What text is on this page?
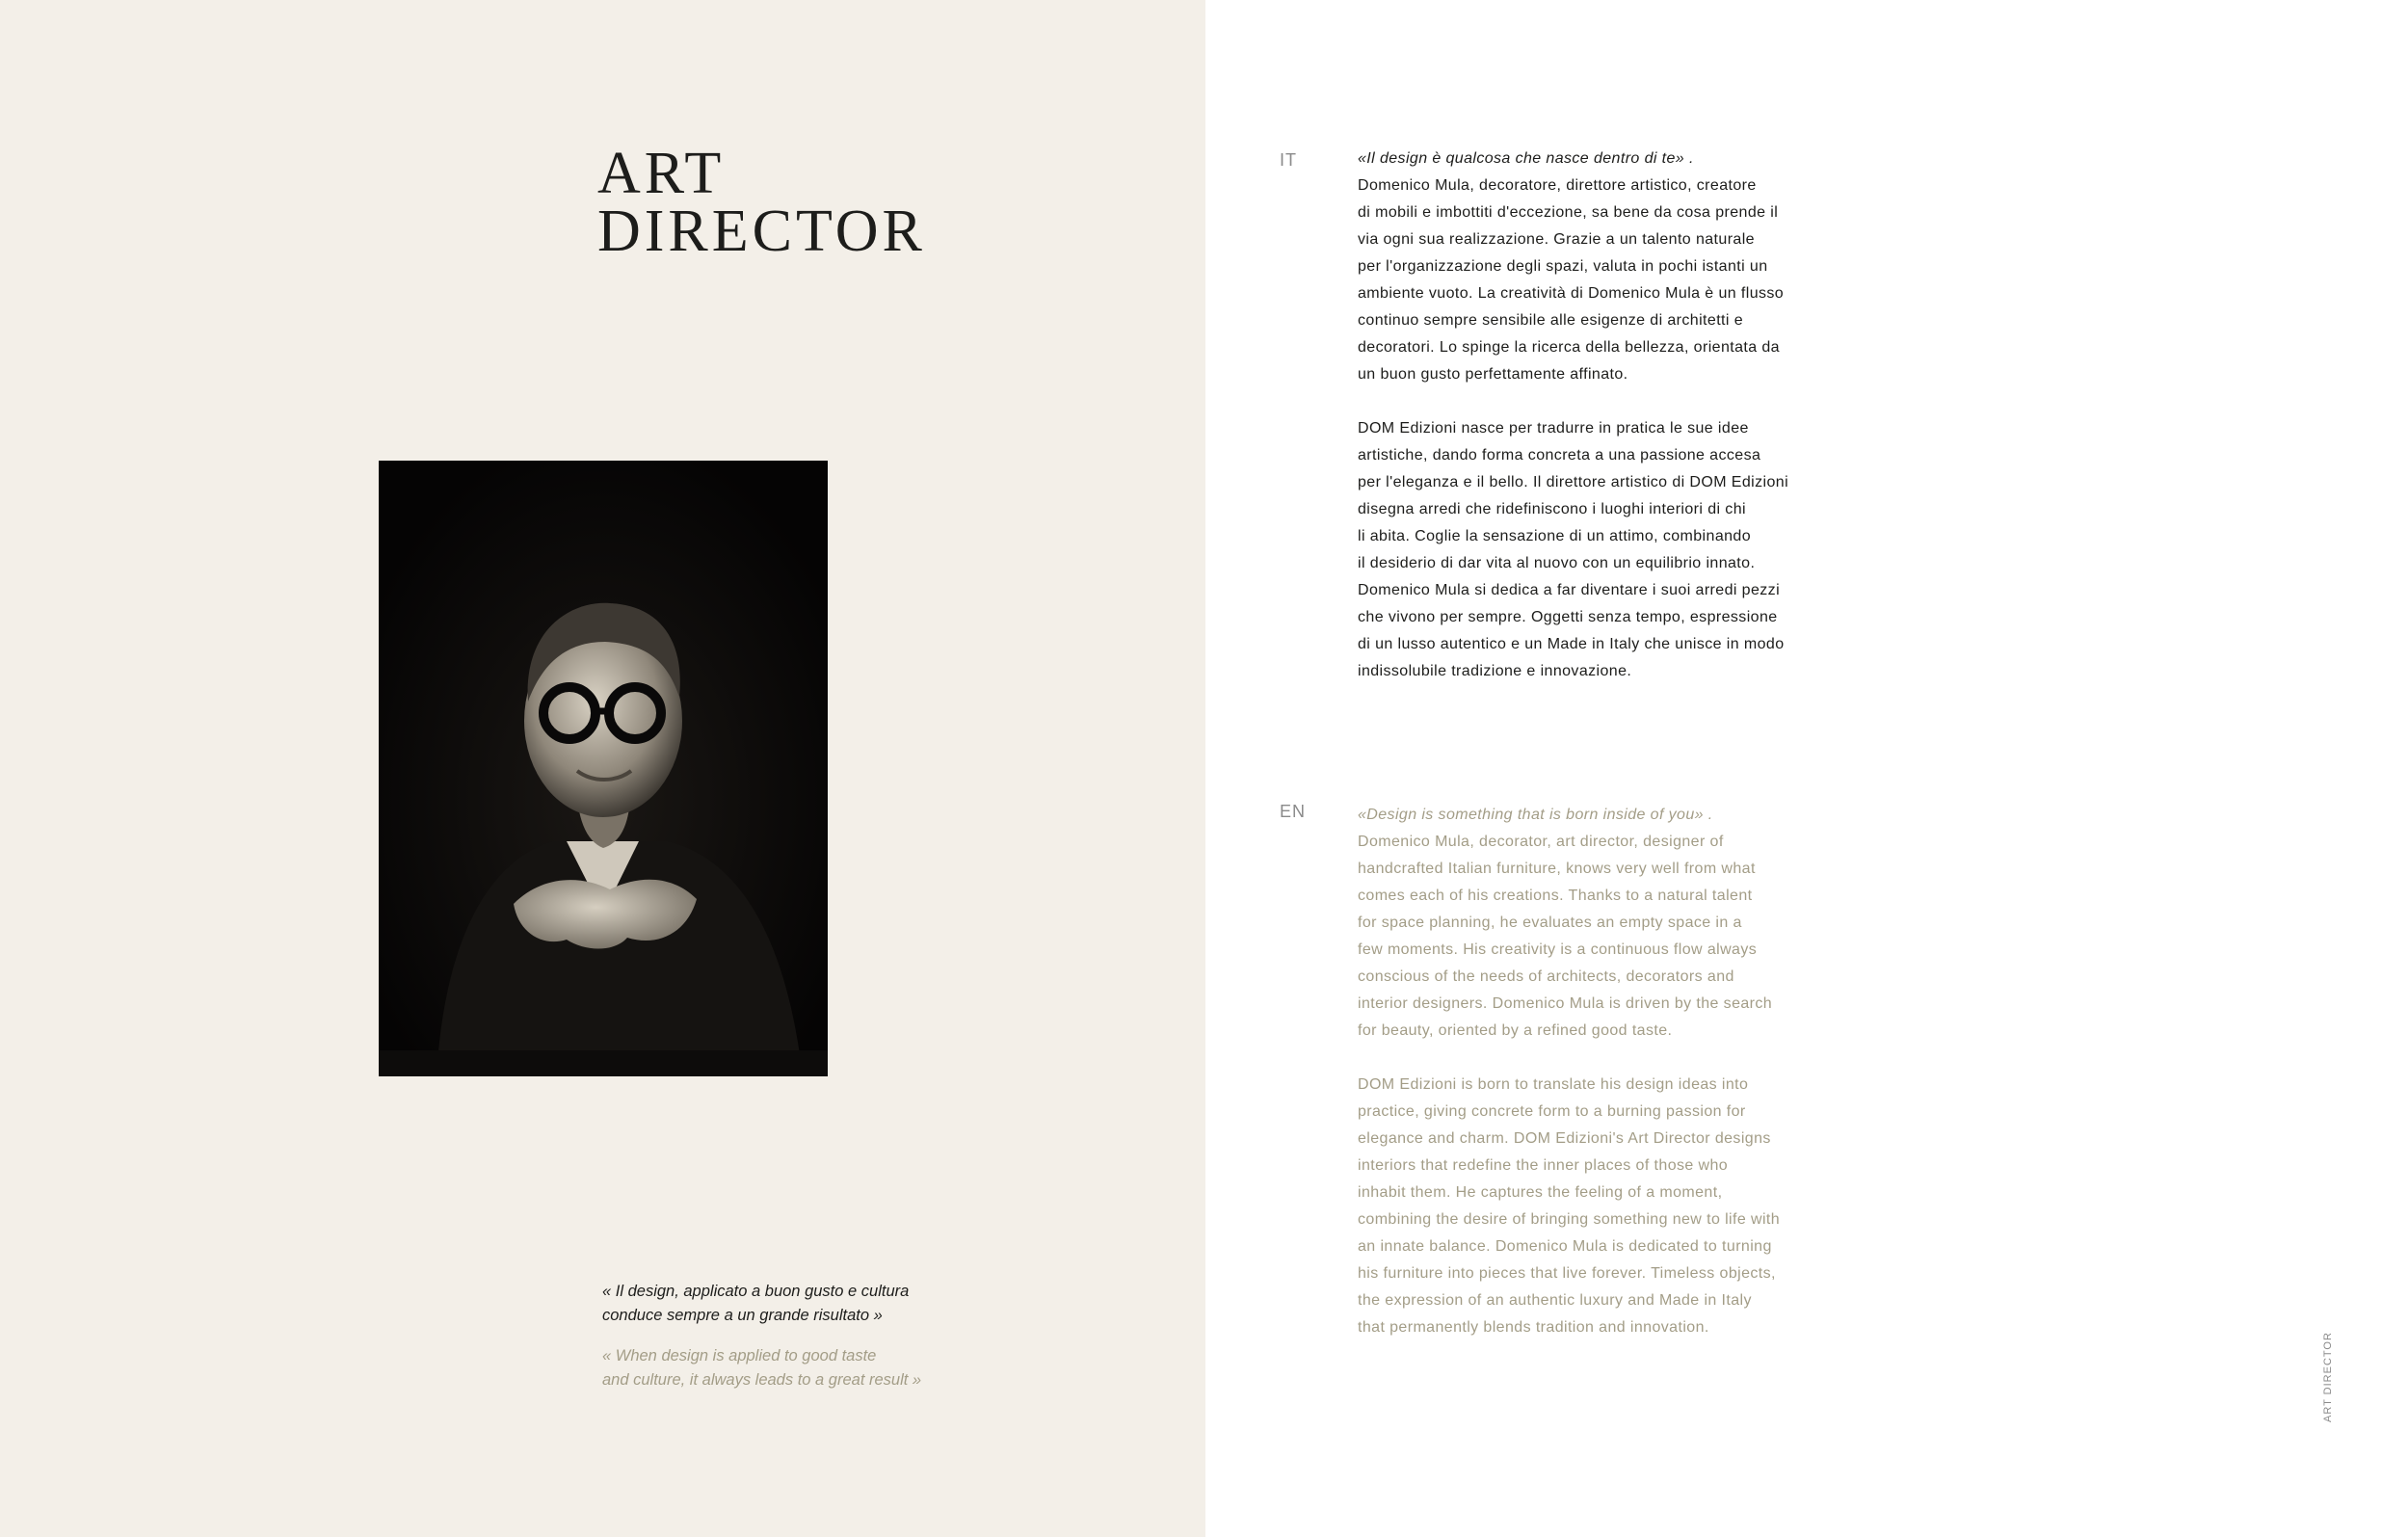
ART
DIRECTOR
« Il design, applicato a buon gusto e cultura
conduce sempre a un grande risultato »
« When design is applied to good taste
and culture, it always leads to a great result »
IT	«Il design è qualcosa che nasce dentro di te» .
Domenico Mula, decoratore, direttore artistico, creatore
di mobili e imbottiti d'eccezione, sa bene da cosa prende il
via ogni sua realizzazione. Grazie a un talento naturale
per l'organizzazione degli spazi, valuta in pochi istanti un
ambiente vuoto. La creatività di Domenico Mula è un flusso
continuo sempre sensibile alle esigenze di architetti e
decoratori. Lo spinge la ricerca della bellezza, orientata da
un buon gusto perfettamente affinato.
DOM Edizioni nasce per tradurre in pratica le sue idee
artistiche, dando forma concreta a una passione accesa
per l'eleganza e il bello. Il direttore artistico di DOM Edizioni
disegna arredi che ridefiniscono i luoghi interiori di chi
li abita. Coglie la sensazione di un attimo, combinando
il desiderio di dar vita al nuovo con un equilibrio innato.
Domenico Mula si dedica a far diventare i suoi arredi pezzi
che vivono per sempre. Oggetti senza tempo, espressione
di un lusso autentico e un Made in Italy che unisce in modo
indissolubile tradizione e innovazione.
EN	«Design is something that is born inside of you» .
Domenico Mula, decorator, art director, designer of
handcrafted Italian furniture, knows very well from what
comes each of his creations. Thanks to a natural talent
for space planning, he evaluates an empty space in a
few moments. His creativity is a continuous flow always
conscious of the needs of architects, decorators and
interior designers. Domenico Mula is driven by the search
for beauty, oriented by a refined good taste.
DOM Edizioni is born to translate his design ideas into
practice, giving concrete form to a burning passion for
elegance and charm. DOM Edizioni's Art Director designs
interiors that redefine the inner places of those who
inhabit them. He captures the feeling of a moment,
combining the desire of bringing something new to life with
an innate balance. Domenico Mula is dedicated to turning
his furniture into pieces that live forever. Timeless objects,
the expression of an authentic luxury and Made in Italy
that permanently blends tradition and innovation.
ART DIRECTOR
